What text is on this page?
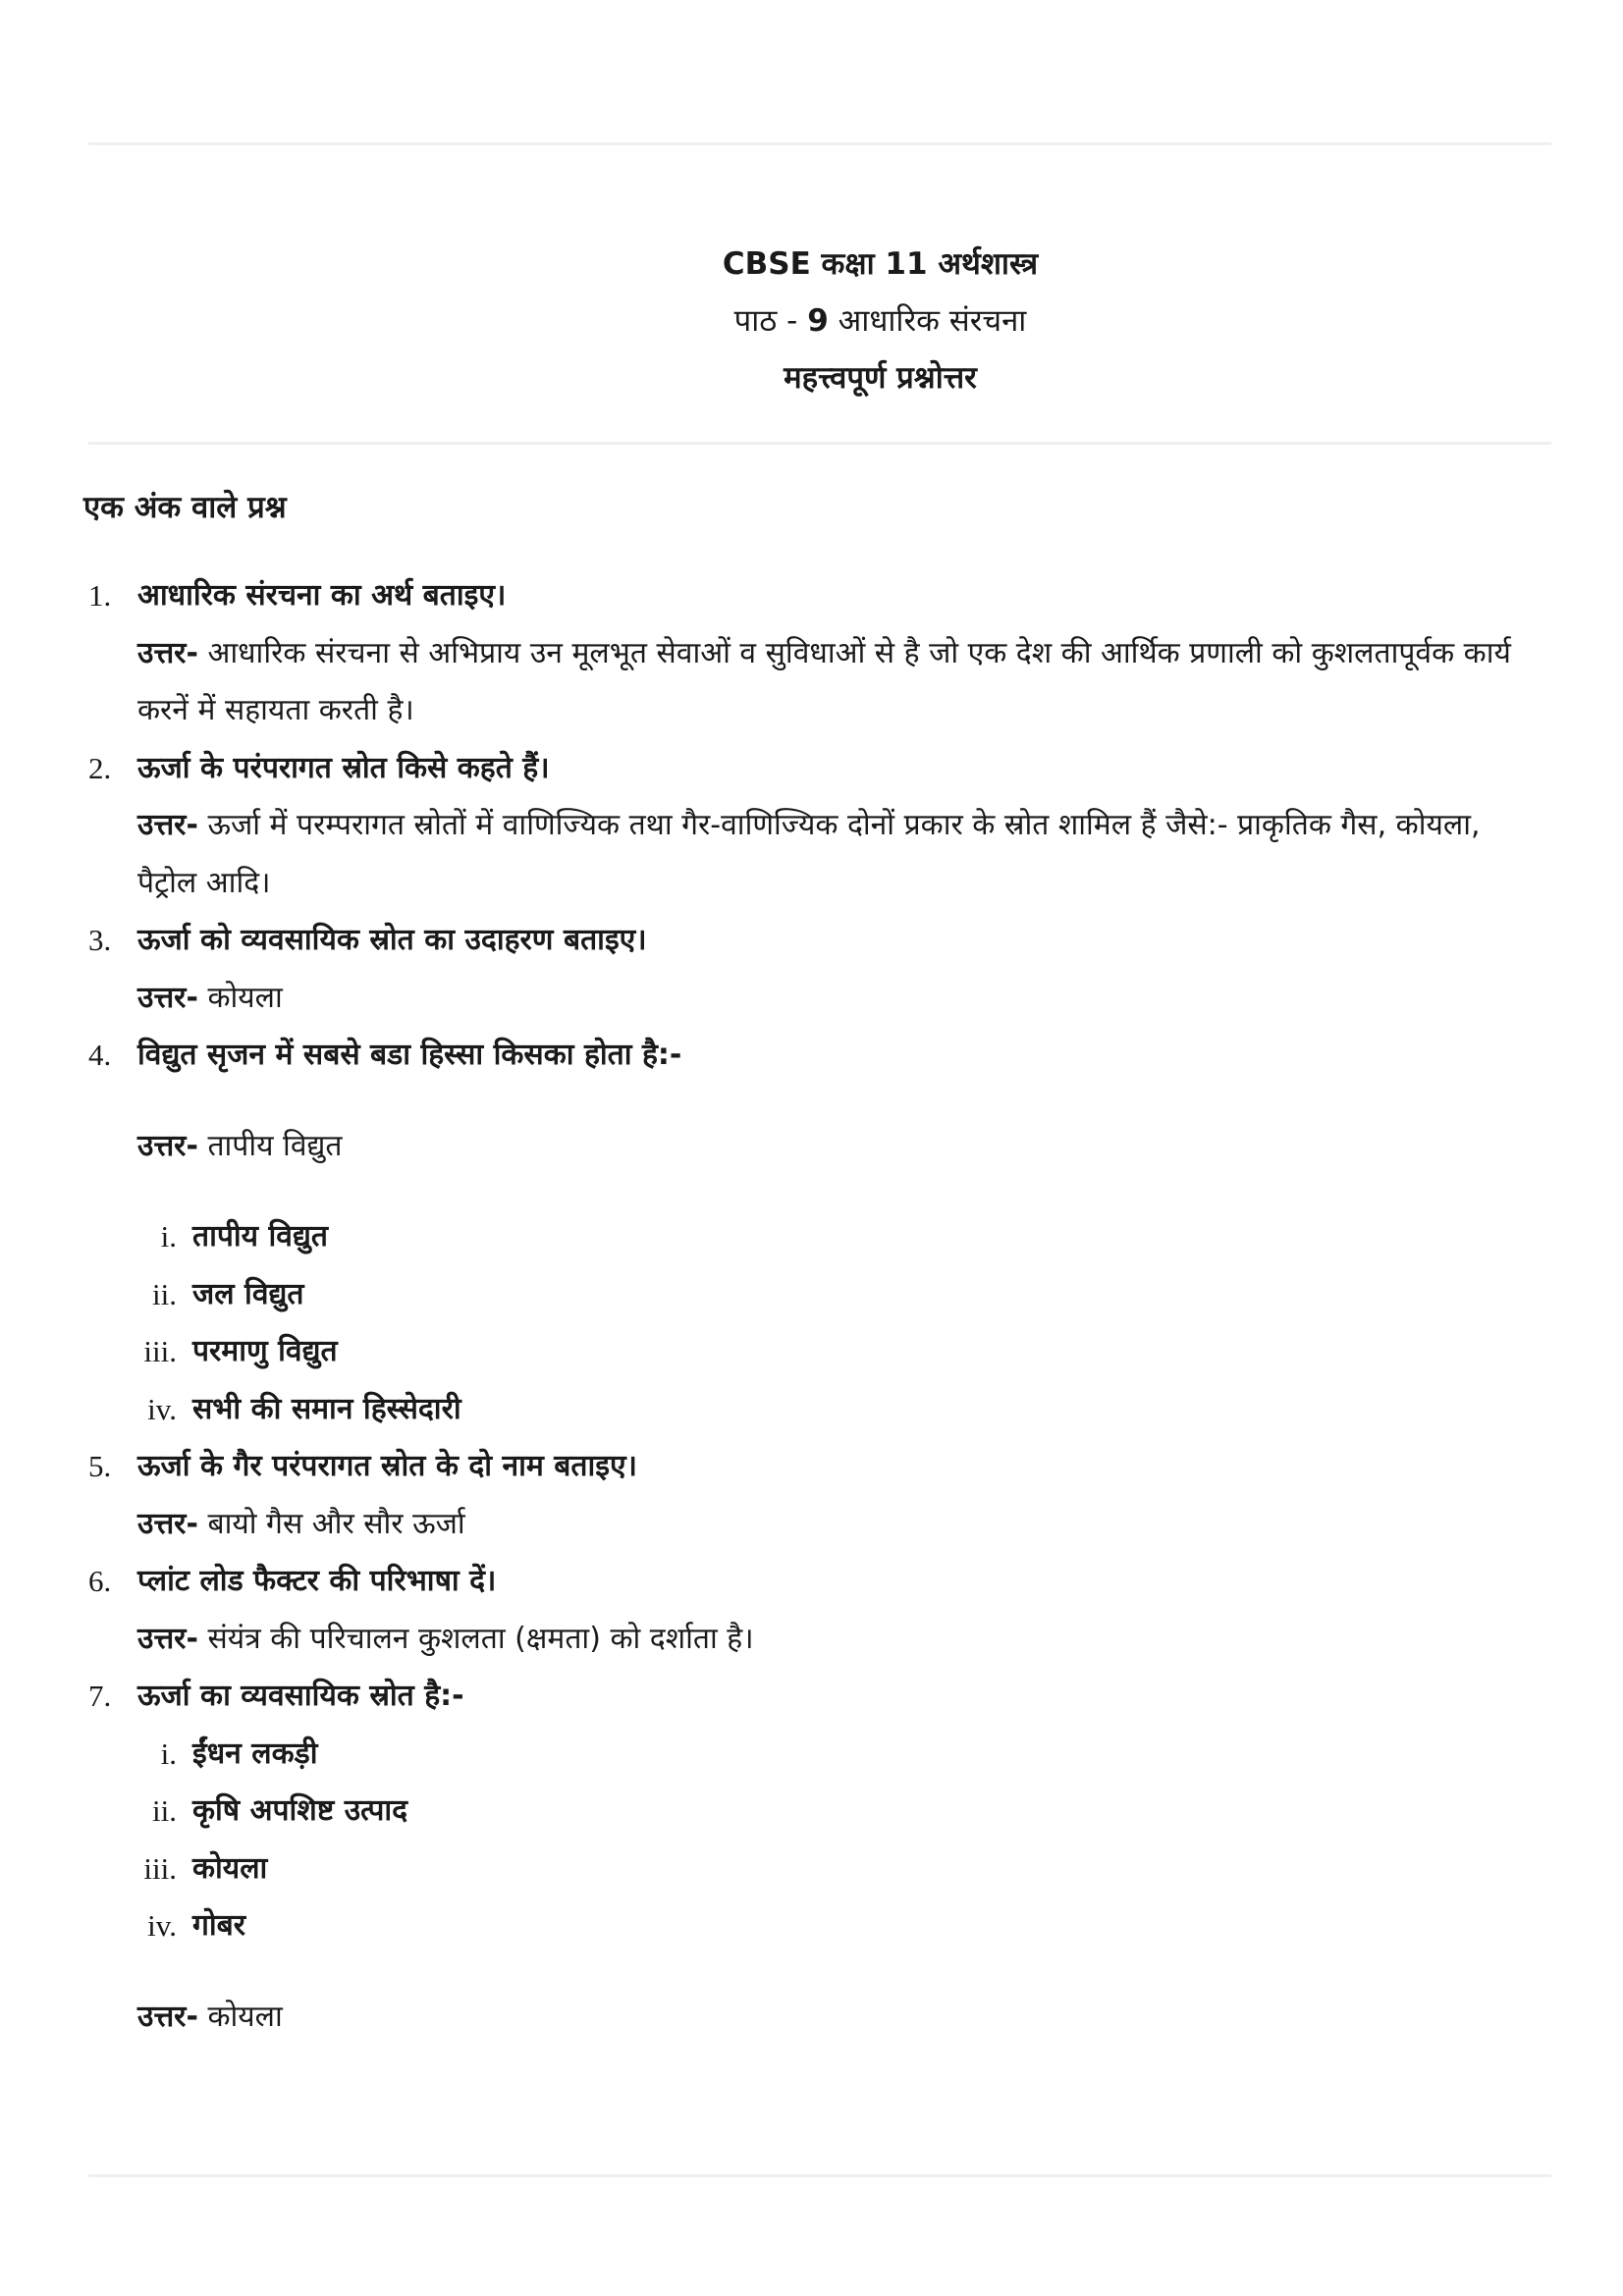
CBSE कक्षा 11 अर्थशास्त्र
पाठ - 9 आधारिक संरचना
महत्त्वपूर्ण प्रश्नोत्तर
एक अंक वाले प्रश्न
1. आधारिक संरचना का अर्थ बताइए।
उत्तर- आधारिक संरचना से अभिप्राय उन मूलभूत सेवाओं व सुविधाओं से है जो एक देश की आर्थिक प्रणाली को कुशलतापूर्वक कार्य करनें में सहायता करती है।
2. ऊर्जा के परंपरागत स्रोत किसे कहते हैं।
उत्तर- ऊर्जा में परम्परागत स्रोतों में वाणिज्यिक तथा गैर-वाणिज्यिक दोनों प्रकार के स्रोत शामिल हैं जैसे:- प्राकृतिक गैस, कोयला, पैट्रोल आदि।
3. ऊर्जा को व्यवसायिक स्रोत का उदाहरण बताइए।
उत्तर- कोयला
4. विद्युत सृजन में सबसे बडा हिस्सा किसका होता है:-
उत्तर- तापीय विद्युत
i. तापीय विद्युत
ii. जल विद्युत
iii. परमाणु विद्युत
iv. सभी की समान हिस्सेदारी
5. ऊर्जा के गैर परंपरागत स्रोत के दो नाम बताइए।
उत्तर- बायो गैस और सौर ऊर्जा
6. प्लांट लोड फैक्टर की परिभाषा दें।
उत्तर- संयंत्र की परिचालन कुशलता (क्षमता) को दर्शाता है।
7. ऊर्जा का व्यवसायिक स्रोत है:-
i. ईंधन लकड़ी
ii. कृषि अपशिष्ट उत्पाद
iii. कोयला
iv. गोबर
उत्तर- कोयला
